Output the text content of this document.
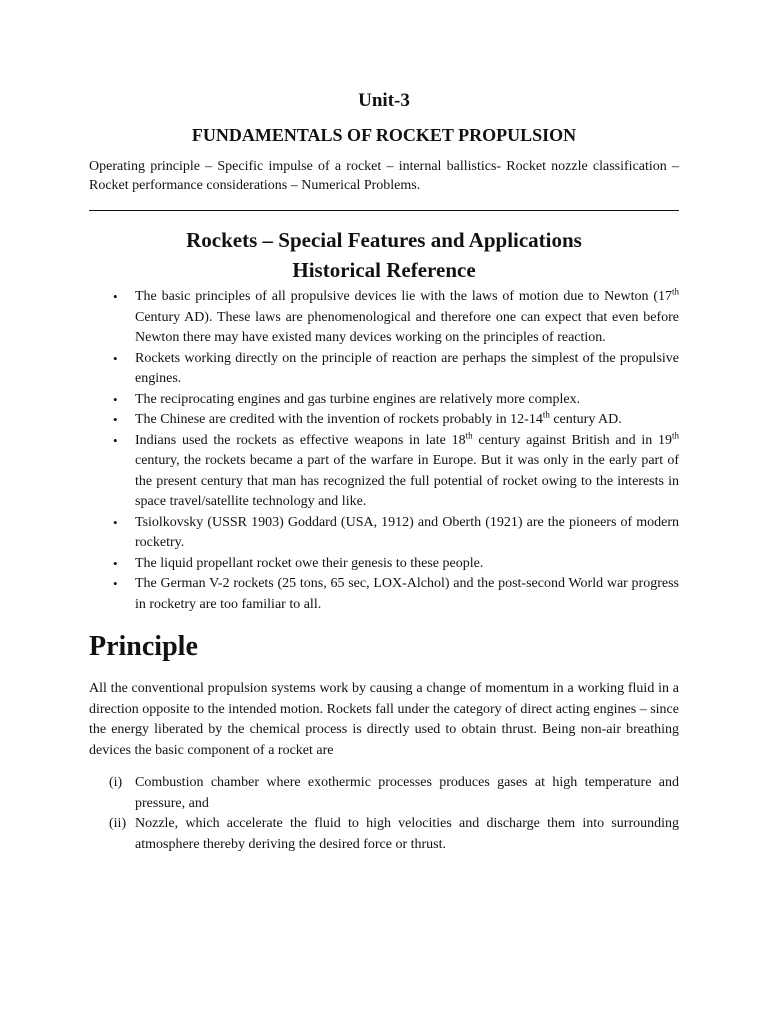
Unit-3
FUNDAMENTALS OF ROCKET PROPULSION

Operating principle – Specific impulse of a rocket – internal ballistics- Rocket nozzle classification – Rocket performance considerations – Numerical Problems.

Rockets – Special Features and Applications
Historical Reference
• The basic principles of all propulsive devices lie with the laws of motion due to Newton (17th Century AD). These laws are phenomenological and therefore one can expect that even before Newton there may have existed many devices working on the principles of reaction.
• Rockets working directly on the principle of reaction are perhaps the simplest of the propulsive engines.
• The reciprocating engines and gas turbine engines are relatively more complex.
• The Chinese are credited with the invention of rockets probably in 12-14th century AD.
• Indians used the rockets as effective weapons in late 18th century against British and in 19th century, the rockets became a part of the warfare in Europe. But it was only in the early part of the present century that man has recognized the full potential of rocket owing to the interests in space travel/satellite technology and like.
• Tsiolkovsky (USSR 1903) Goddard (USA, 1912) and Oberth (1921) are the pioneers of modern rocketry.
• The liquid propellant rocket owe their genesis to these people.
• The German V-2 rockets (25 tons, 65 sec, LOX-Alchol) and the post-second World war progress in rocketry are too familiar to all.
Principle

All the conventional propulsion systems work by causing a change of momentum in a working fluid in a direction opposite to the intended motion. Rockets fall under the category of direct acting engines – since the energy liberated by the chemical process is directly used to obtain thrust. Being non-air breathing devices the basic component of a rocket are

(i) Combustion chamber where exothermic processes produces gases at high temperature and pressure, and
(ii) Nozzle, which accelerate the fluid to high velocities and discharge them into surrounding atmosphere thereby deriving the desired force or thrust.
